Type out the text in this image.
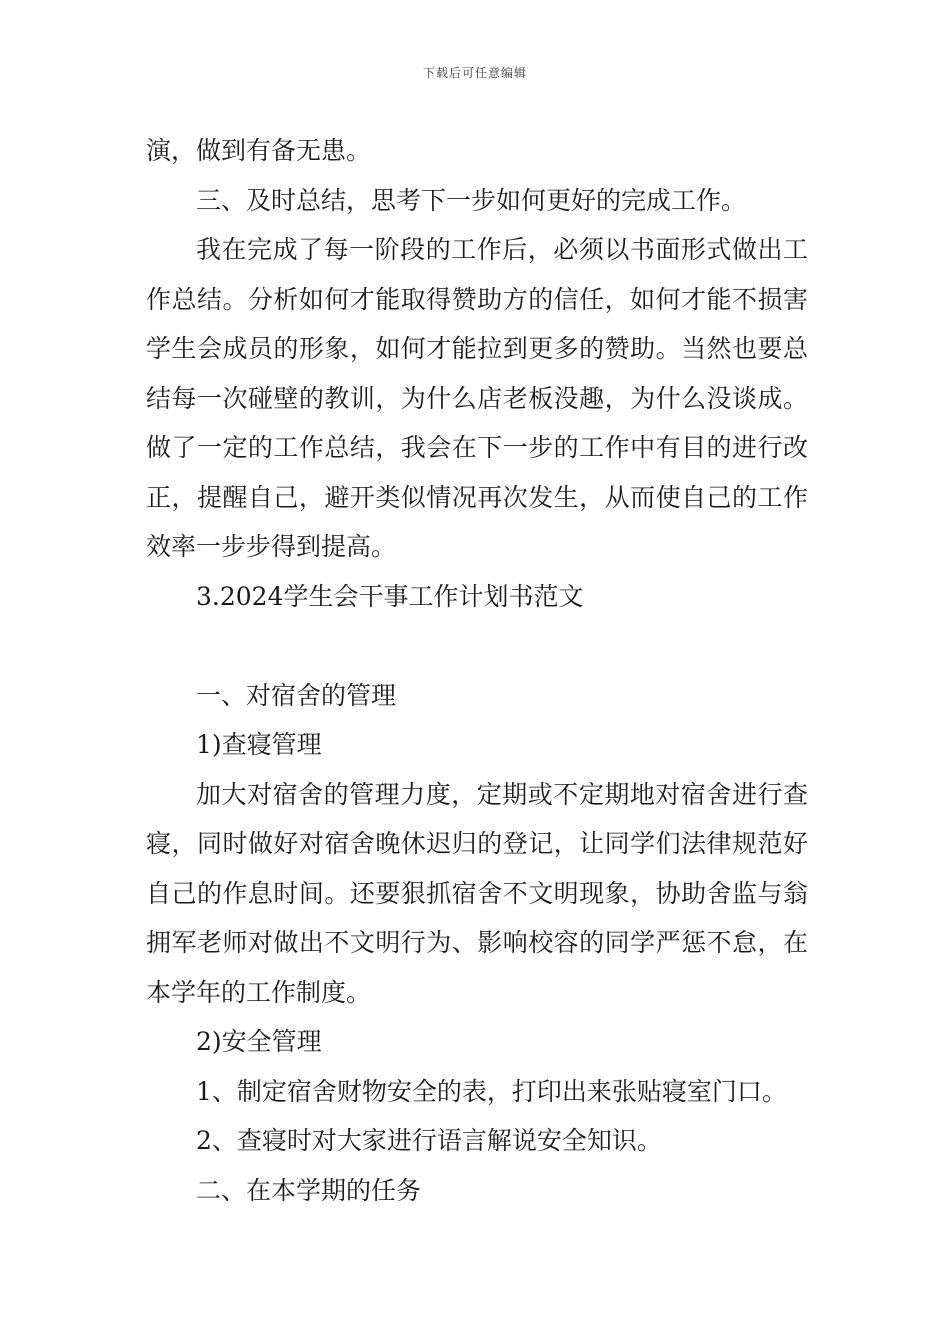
下载后可任意编辑

演，做到有备无患。

三、及时总结，思考下一步如何更好的完成工作。

我在完成了每一阶段的工作后，必须以书面形式做出工作总结。分析如何才能取得赞助方的信任，如何才能不损害学生会成员的形象，如何才能拉到更多的赞助。当然也要总结每一次碰壁的教训，为什么店老板没趣，为什么没谈成。做了一定的工作总结，我会在下一步的工作中有目的进行改正，提醒自己，避开类似情况再次发生，从而使自己的工作效率一步步得到提高。

3.2024学生会干事工作计划书范文

一、对宿舍的管理

1)查寝管理

加大对宿舍的管理力度，定期或不定期地对宿舍进行查寝，同时做好对宿舍晚休迟归的登记，让同学们法律规范好自己的作息时间。还要狠抓宿舍不文明现象，协助舍监与翁拥军老师对做出不文明行为、影响校容的同学严惩不怠，在本学年的工作制度。

2)安全管理

1、制定宿舍财物安全的表，打印出来张贴寝室门口。

2、查寝时对大家进行语言解说安全知识。

二、在本学期的任务
